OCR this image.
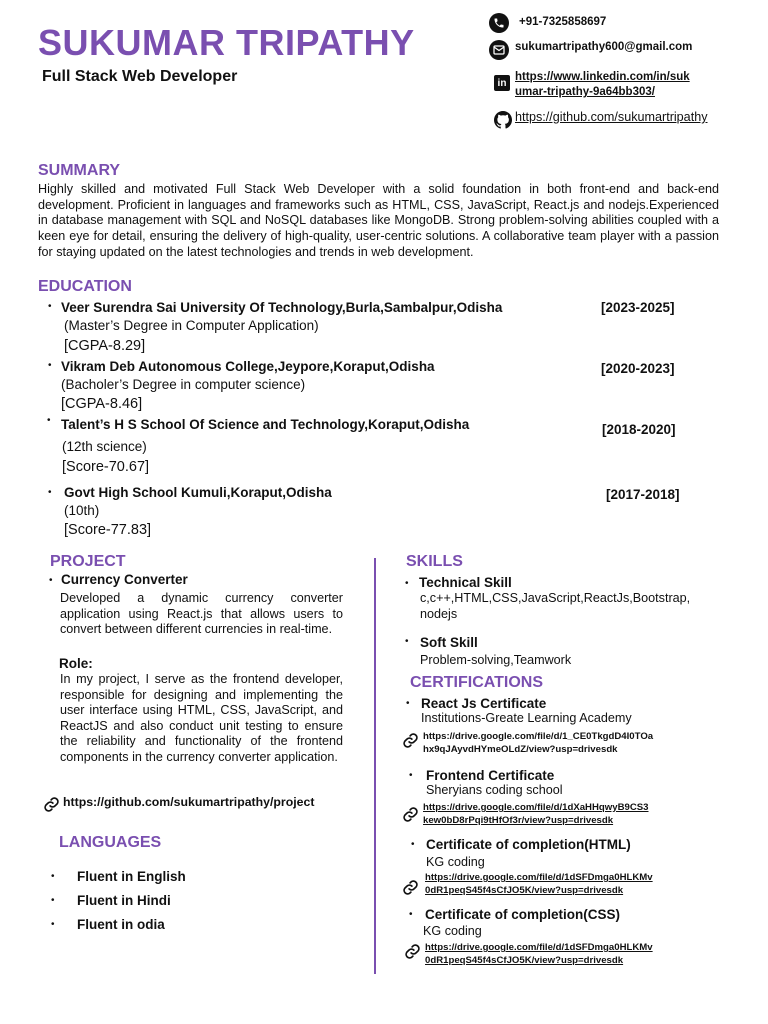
SUKUMAR TRIPATHY
Full Stack Web Developer
+91-7325858697
sukumartripathy600@gmail.com
in https://www.linkedin.com/in/suk
umar-tripathy-9a64bb303/
https://github.com/sukumartripathy
SUMMARY
Highly skilled and motivated Full Stack Web Developer with a solid foundation in both front-end and back-end development. Proficient in languages and frameworks such as HTML, CSS, JavaScript, React.js and nodejs.Experienced in database management with SQL and NoSQL databases like MongoDB. Strong problem-solving abilities coupled with a keen eye for detail, ensuring the delivery of high-quality, user-centric solutions. A collaborative team player with a passion for staying updated on the latest technologies and trends in web development.
EDUCATION
• Veer Surendra Sai University Of Technology,Burla,Sambalpur,Odisha	[2023-2025]
(Master’s Degree in Computer Application)
[CGPA-8.29]
• Vikram Deb Autonomous College,Jeypore,Koraput,Odisha	[2020-2023]
(Bacholer’s Degree in computer science)
[CGPA-8.46]
• Talent’s H S School Of Science and Technology,Koraput,Odisha	[2018-2020]
(12th science)
[Score-70.67]
• Govt High School Kumuli,Koraput,Odisha	[2017-2018]
(10th)
[Score-77.83]
PROJECT
• Currency Converter
Developed a dynamic currency converter application using React.js that allows users to convert between different currencies in real-time.
Role:
In my project, I serve as the frontend developer, responsible for designing and implementing the user interface using HTML, CSS, JavaScript, and ReactJS and also conduct unit testing to ensure the reliability and functionality of the frontend components in the currency converter application.
https://github.com/sukumartripathy/project
LANGUAGES
• Fluent in English
• Fluent in Hindi
• Fluent in odia
SKILLS
• Technical Skill
c,c++,HTML,CSS,JavaScript,ReactJs,Bootstrap,
nodejs
• Soft Skill
Problem-solving,Teamwork
CERTIFICATIONS
• React Js Certificate
Institutions-Greate Learning Academy
https://drive.google.com/file/d/1_CE0TkgdD4I0TOa
hx9qJAyvdHYmeOLdZ/view?usp=drivesdk
• Frontend Certificate
Sheryians coding school
https://drive.google.com/file/d/1dXaHHqwyB9CS3
kew0bD8rPqi9tHfOf3r/view?usp=drivesdk
• Certificate of completion(HTML)
KG coding
https://drive.google.com/file/d/1dSFDmga0HLKMv
0dR1peqS45f4sCfJO5K/view?usp=drivesdk
• Certificate of completion(CSS)
KG coding
https://drive.google.com/file/d/1dSFDmga0HLKMv
0dR1peqS45f4sCfJO5K/view?usp=drivesdk
